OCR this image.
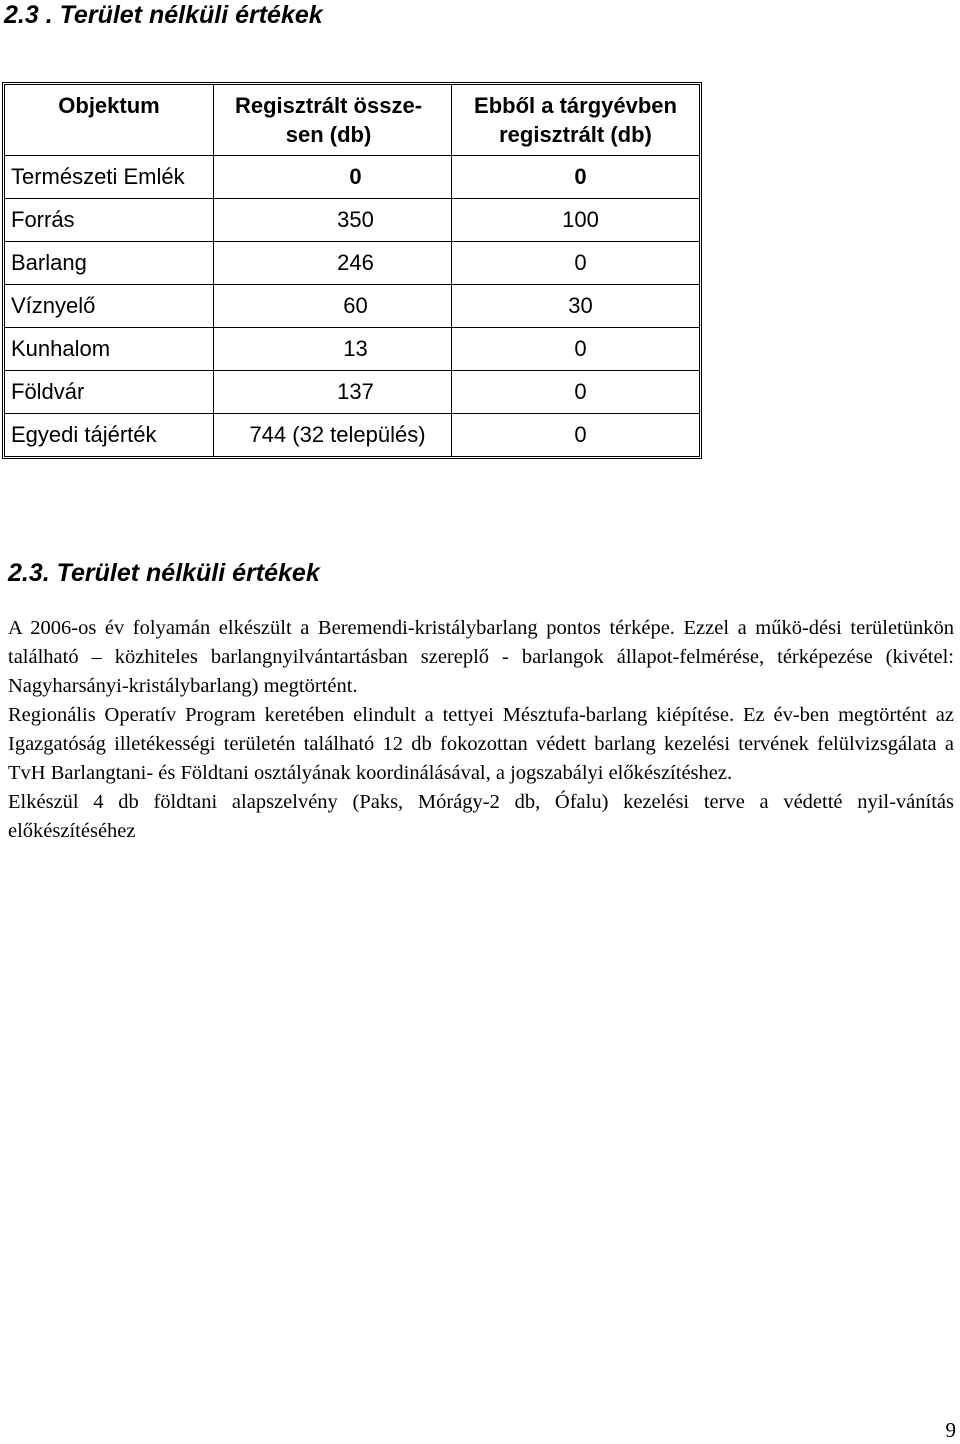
2.3 . Terület nélküli értékek
Objektum	Regisztrált össze-sen (db)	Ebből a tárgyévben regisztrált (db)
Természeti Emlék	0	0
Forrás	350	100
Barlang	246	0
Víznyelő	60	30
Kunhalom	13	0
Földvár	137	0
Egyedi tájérték	744 (32 település)	0
2.3. Terület nélküli értékek

A 2006-os év folyamán elkészült a Beremendi-kristálybarlang pontos térképe. Ezzel a műkö-dési területünkön található – közhiteles barlangnyilvántartásban szereplő - barlangok állapot-felmérése, térképezése (kivétel: Nagyharsányi-kristálybarlang) megtörtént.

Regionális Operatív Program keretében elindult a tettyei Mésztufa-barlang kiépítése. Ez év-ben megtörtént az Igazgatóság illetékességi területén található 12 db fokozottan védett barlang kezelési tervének felülvizsgálata a TvH Barlangtani- és Földtani osztályának koordinálásával, a jogszabályi előkészítéshez.

Elkészül 4 db földtani alapszelvény (Paks, Mórágy-2 db, Ófalu) kezelési terve a védetté nyil-vánítás előkészítéséhez

9
